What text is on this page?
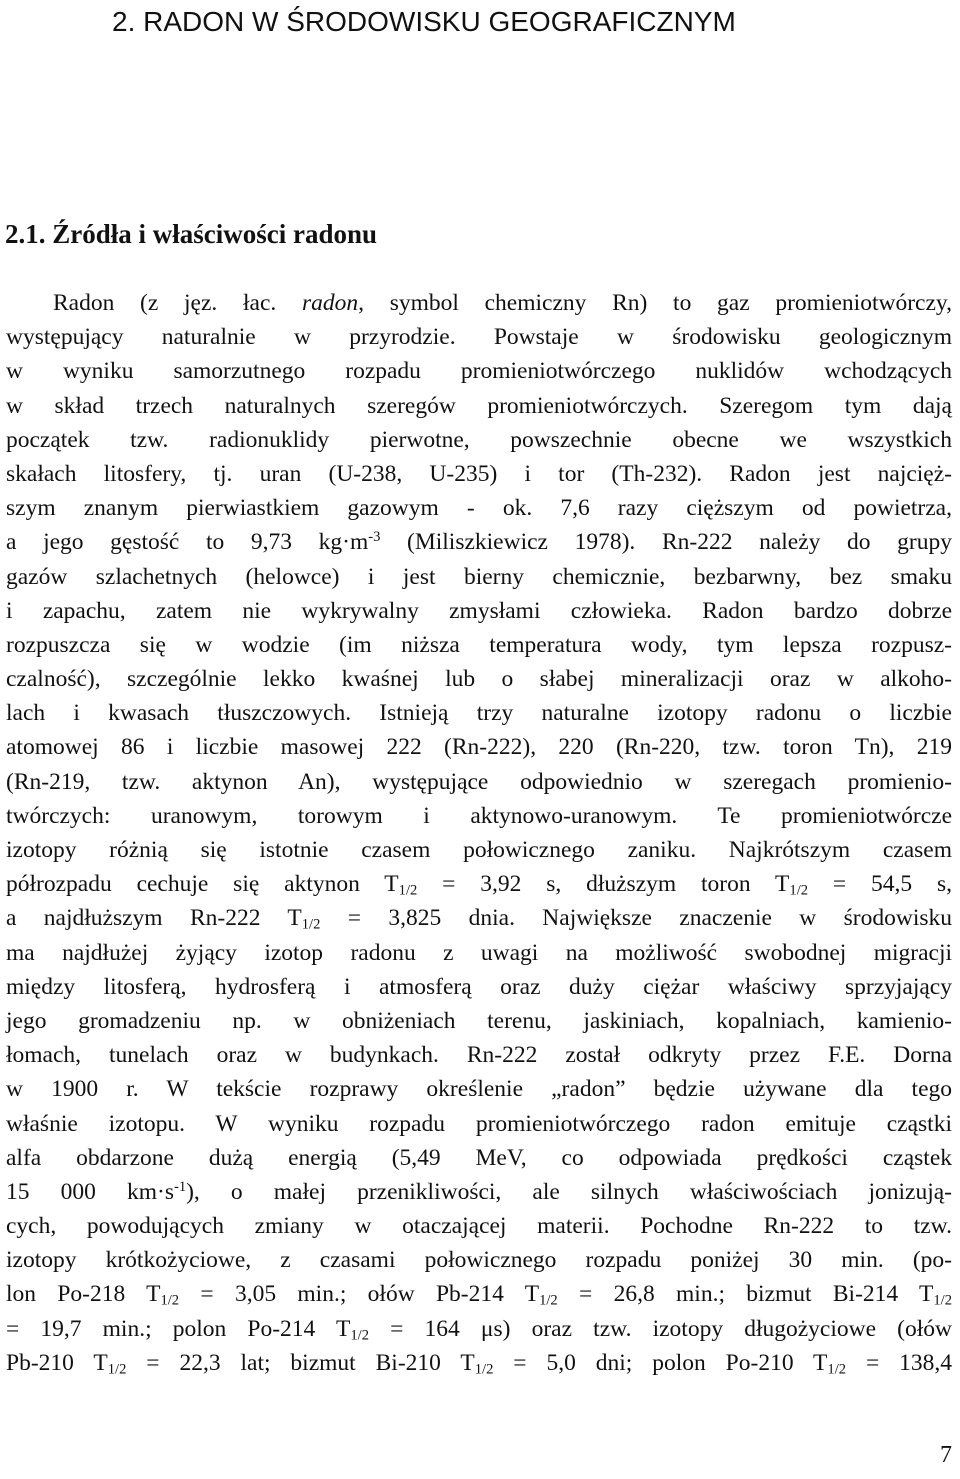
2. RADON W ŚRODOWISKU GEOGRAFICZNYM
2.1. Źródła i właściwości radonu
Radon (z jęz. łac. radon, symbol chemiczny Rn) to gaz promieniotwórczy,
występujący naturalnie w przyrodzie. Powstaje w środowisku geologicznym
w wyniku samorzutnego rozpadu promieniotwórczego nuklidów wchodzących
w skład trzech naturalnych szeregów promieniotwórczych. Szeregom tym dają
początek tzw. radionuklidy pierwotne, powszechnie obecne we wszystkich
skałach litosfery, tj. uran (U-238, U-235) i tor (Th-232). Radon jest najcięż-
szym znanym pierwiastkiem gazowym - ok. 7,6 razy cięższym od powietrza,
a jego gęstość to 9,73 $kg\cdot m^{-3}$ (Miliszkiewicz 1978). Rn-222 należy do grupy
gazów szlachetnych (helowce) i jest bierny chemicznie, bezbarwny, bez smaku
i zapachu, zatem nie wykrywalny zmysłami człowieka. Radon bardzo dobrze
rozpuszcza się w wodzie (im niższa temperatura wody, tym lepsza rozpusz-
czalność), szczególnie lekko kwaśnej lub o słabej mineralizacji oraz w alkoho-
lach i kwasach tłuszczowych. Istnieją trzy naturalne izotopy radonu o liczbie
atomowej 86 i liczbie masowej 222 (Rn-222), 220 (Rn-220, tzw. toron Tn), 219
(Rn-219, tzw. aktynon An), występujące odpowiednio w szeregach promienio-
twórczych: uranowym, torowym i aktynowo-uranowym. Te promieniotwórcze
izotopy różnią się istotnie czasem połowicznego zaniku. Najkrótszym czasem
półrozpadu cechuje się aktynon $T_{1/2} = 3,92$ s, dłuższym toron $T_{1/2} = 54,5$ s,
a najdłuższym Rn-222 $T_{1/2} = 3,825$ dnia. Największe znaczenie w środowisku
ma najdłużej żyjący izotop radonu z uwagi na możliwość swobodnej migracji
między litosferą, hydrosferą i atmosferą oraz duży ciężar właściwy sprzyjający
jego gromadzeniu np. w obniżeniach terenu, jaskiniach, kopalniach, kamienio-
łomach, tunelach oraz w budynkach. Rn-222 został odkryty przez F.E. Dorna
w 1900 r. W tekście rozprawy określenie „radon” będzie używane dla tego
właśnie izotopu. W wyniku rozpadu promieniotwórczego radon emituje cząstki
alfa obdarzone dużą energią (5,49 MeV, co odpowiada prędkości cząstek
15 000 $km\cdot s^{-1}$), o małej przenikliwości, ale silnych właściwościach jonizują-
cych, powodujących zmiany w otaczającej materii. Pochodne Rn-222 to tzw.
izotopy krótkożyciowe, z czasami połowicznego rozpadu poniżej 30 min. (po-
lon Po-218 $T_{1/2} = 3,05$ min.; ołów Pb-214 $T_{1/2} = 26,8$ min.; bizmut Bi-214 $T_{1/2}$
= 19,7 min.; polon Po-214 $T_{1/2} = 164$ μs) oraz tzw. izotopy długożyciowe (ołów
Pb-210 $T_{1/2} = 22,3$ lat; bizmut Bi-210 $T_{1/2} = 5,0$ dni; polon Po-210 $T_{1/2} = 138,4$
7
